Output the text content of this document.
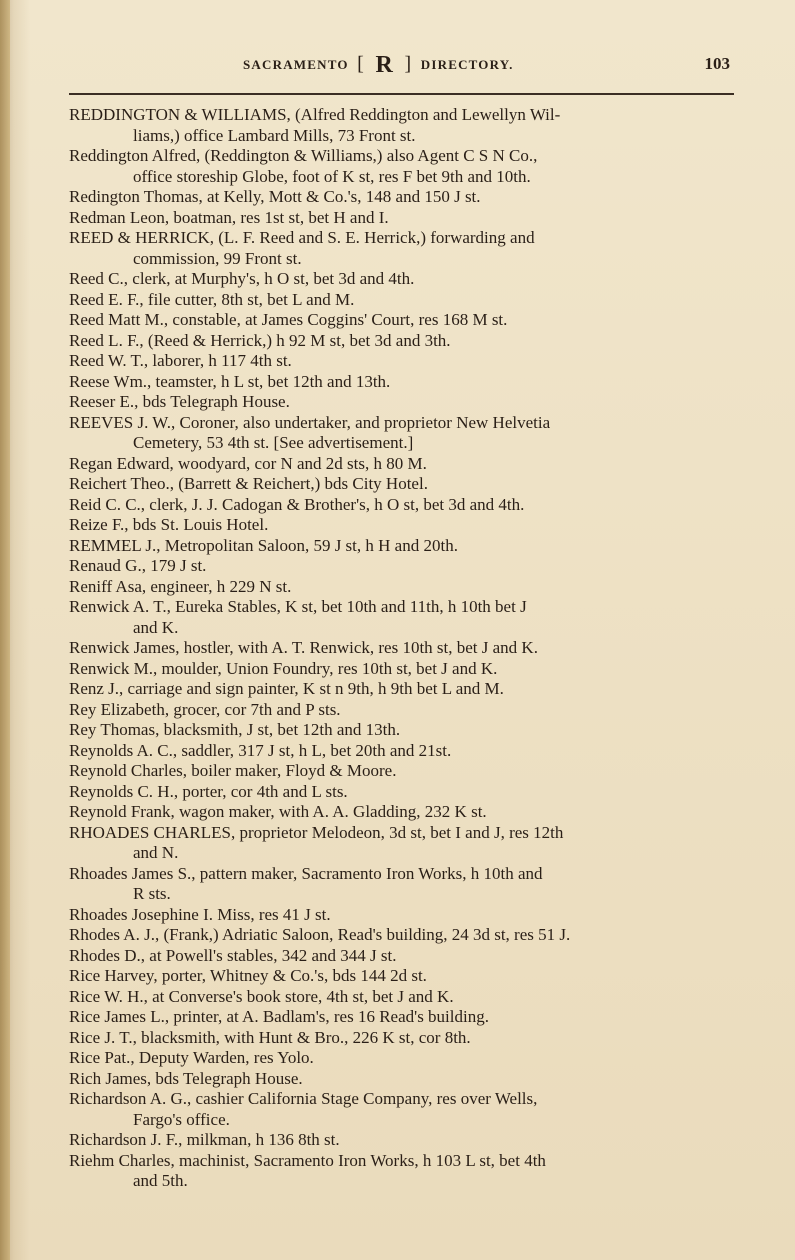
SACRAMENTO [ R ] DIRECTORY.	103
REDDINGTON & WILLIAMS, (Alfred Reddington and Lewellyn Wil-
liams,) office Lambard Mills, 73 Front st.
Reddington Alfred, (Reddington & Williams,) also Agent C S N Co.,
office storeship Globe, foot of K st, res F bet 9th and 10th.
Redington Thomas, at Kelly, Mott & Co.'s, 148 and 150 J st.
Redman Leon, boatman, res 1st st, bet H and I.
REED & HERRICK, (L. F. Reed and S. E. Herrick,) forwarding and
commission, 99 Front st.
Reed C., clerk, at Murphy's, h O st, bet 3d and 4th.
Reed E. F., file cutter, 8th st, bet L and M.
Reed Matt M., constable, at James Coggins' Court, res 168 M st.
Reed L. F., (Reed & Herrick,) h 92 M st, bet 3d and 3th.
Reed W. T., laborer, h 117 4th st.
Reese Wm., teamster, h L st, bet 12th and 13th.
Reeser E., bds Telegraph House.
REEVES J. W., Coroner, also undertaker, and proprietor New Helvetia
Cemetery, 53 4th st. [See advertisement.]
Regan Edward, woodyard, cor N and 2d sts, h 80 M.
Reichert Theo., (Barrett & Reichert,) bds City Hotel.
Reid C. C., clerk, J. J. Cadogan & Brother's, h O st, bet 3d and 4th.
Reize F., bds St. Louis Hotel.
REMMEL J., Metropolitan Saloon, 59 J st, h H and 20th.
Renaud G., 179 J st.
Reniff Asa, engineer, h 229 N st.
Renwick A. T., Eureka Stables, K st, bet 10th and 11th, h 10th bet J
and K.
Renwick James, hostler, with A. T. Renwick, res 10th st, bet J and K.
Renwick M., moulder, Union Foundry, res 10th st, bet J and K.
Renz J., carriage and sign painter, K st n 9th, h 9th bet L and M.
Rey Elizabeth, grocer, cor 7th and P sts.
Rey Thomas, blacksmith, J st, bet 12th and 13th.
Reynolds A. C., saddler, 317 J st, h L, bet 20th and 21st.
Reynold Charles, boiler maker, Floyd & Moore.
Reynolds C. H., porter, cor 4th and L sts.
Reynold Frank, wagon maker, with A. A. Gladding, 232 K st.
RHOADES CHARLES, proprietor Melodeon, 3d st, bet I and J, res 12th
and N.
Rhoades James S., pattern maker, Sacramento Iron Works, h 10th and
R sts.
Rhoades Josephine I. Miss, res 41 J st.
Rhodes A. J., (Frank,) Adriatic Saloon, Read's building, 24 3d st, res 51 J.
Rhodes D., at Powell's stables, 342 and 344 J st.
Rice Harvey, porter, Whitney & Co.'s, bds 144 2d st.
Rice W. H., at Converse's book store, 4th st, bet J and K.
Rice James L., printer, at A. Badlam's, res 16 Read's building.
Rice J. T., blacksmith, with Hunt & Bro., 226 K st, cor 8th.
Rice Pat., Deputy Warden, res Yolo.
Rich James, bds Telegraph House.
Richardson A. G., cashier California Stage Company, res over Wells,
Fargo's office.
Richardson J. F., milkman, h 136 8th st.
Riehm Charles, machinist, Sacramento Iron Works, h 103 L st, bet 4th
and 5th.
